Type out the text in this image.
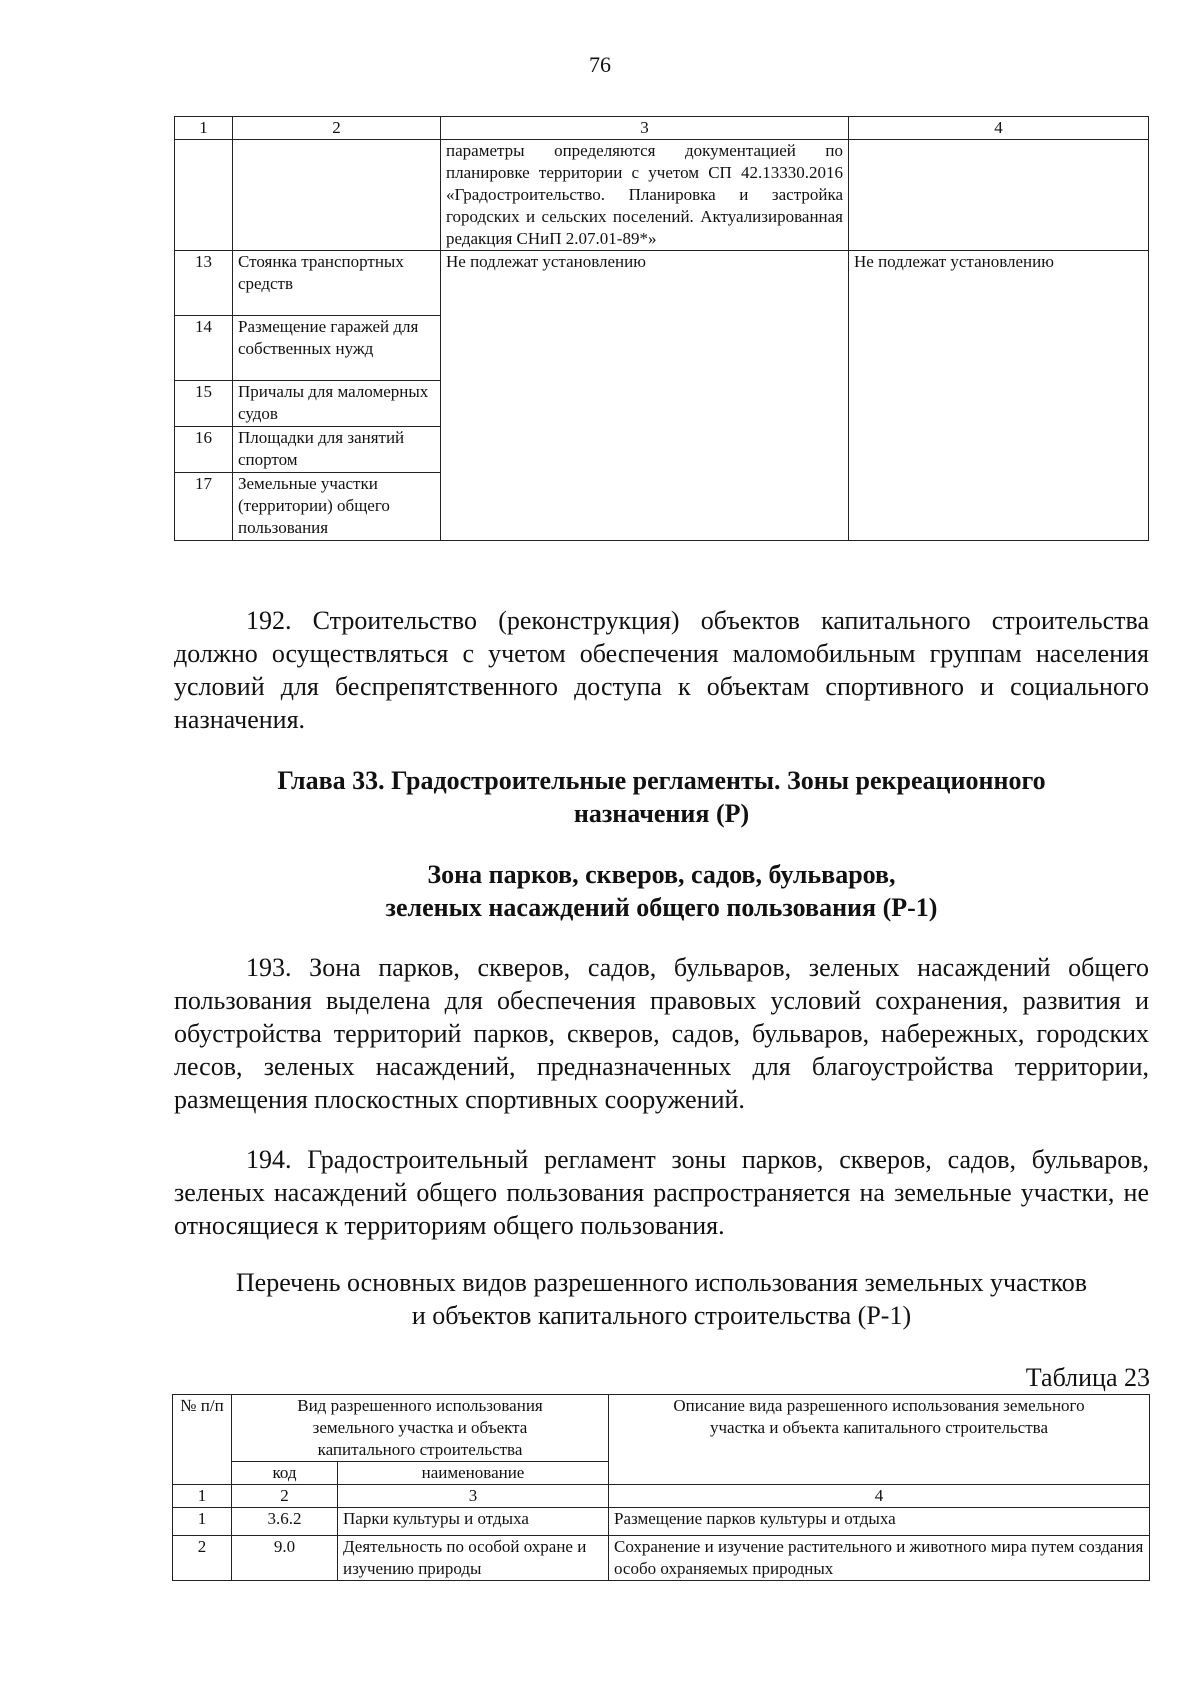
76
1	2	3	4
		параметры определяются документацией по планировке территории с учетом СП 42.13330.2016 «Градостроительство. Планировка и застройка городских и сельских поселений. Актуализированная редакция СНиП 2.07.01-89*»	
13	Стоянка транспортных средств	Не подлежат установлению	Не подлежат установлению
14	Размещение гаражей для собственных нужд		
15	Причалы для маломерных судов		
16	Площадки для занятий спортом		
17	Земельные участки (территории) общего пользования		

192. Строительство (реконструкция) объектов капитального строительства должно осуществляться с учетом обеспечения маломобильным группам населения условий для беспрепятственного доступа к объектам спортивного и социального назначения.

Глава 33. Градостроительные регламенты. Зоны рекреационного
назначения (Р)
Зона парков, скверов, садов, бульваров,
зеленых насаждений общего пользования (Р-1)

193. Зона парков, скверов, садов, бульваров, зеленых насаждений общего пользования выделена для обеспечения правовых условий сохранения, развития и обустройства территорий парков, скверов, садов, бульваров, набережных, городских лесов, зеленых насаждений, предназначенных для благоустройства территории, размещения плоскостных спортивных сооружений.

194. Градостроительный регламент зоны парков, скверов, садов, бульваров, зеленых насаждений общего пользования распространяется на земельные участки, не относящиеся к территориям общего пользования.

Перечень основных видов разрешенного использования земельных участков
и объектов капитального строительства (Р-1)
Таблица 23
№ п/п	Вид разрешенного использования земельного участка и объекта капитального строительства		Описание вида разрешенного использования земельного участка и объекта капитального строительства
	код	наименование	
1	2	3	4
1	3.6.2	Парки культуры и отдыха	Размещение парков культуры и отдыха
2	9.0	Деятельность по особой охране и изучению природы	Сохранение и изучение растительного и животного мира путем создания особо охраняемых природных
